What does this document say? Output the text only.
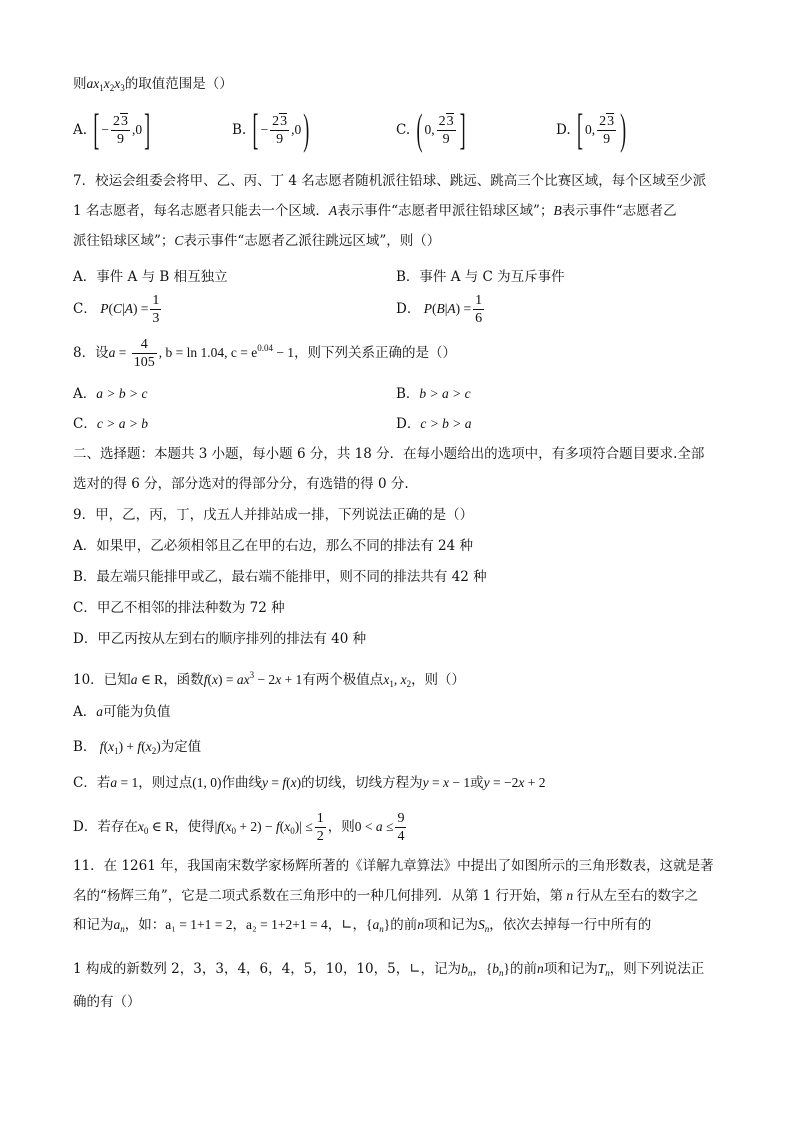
则$ax_1x_2x_3$的取值范围是（）
A. [ − $\frac{23}{9} ,0$ ]	B. [ − $\frac{23}{9} ,0$ )	C. ( 0, $\frac{23}{9}$ ]	D. [ 0, $\frac{23}{9}$ )
7．校运会组委会将甲、乙、丙、丁 4 名志愿者随机派往铅球、跳远、跳高三个比赛区域，每个区域至少派
1 名志愿者，每名志愿者只能去一个区域．A表示事件“志愿者甲派往铅球区域”；B表示事件“志愿者乙
派往铅球区域”；C表示事件“志愿者乙派往跳远区域”，则（）
A．事件 A 与 B 相互独立	B．事件 A 与 C 为互斥事件
C． $P(C|A) = \frac{1}{3}$	D． $P(B|A) = \frac{1}{6}$
8．设$a = \frac{4}{105}$ , b = ln 1.04, $c = e^{0.04} - 1$，则下列关系正确的是（）
A．a > b > c	B．b > a > c
C．c > a > b	D．c > b > a
二、选择题：本题共 3 小题，每小题 6 分，共 18 分．在每小题给出的选项中，有多项符合题目要求.全部
选对的得 6 分，部分选对的得部分分，有选错的得 0 分.
9．甲，乙，丙，丁，戊五人并排站成一排，下列说法正确的是（）
A．如果甲，乙必须相邻且乙在甲的右边，那么不同的排法有 24 种
B．最左端只能排甲或乙，最右端不能排甲，则不同的排法共有 42 种
C．甲乙不相邻的排法种数为 72 种
D．甲乙丙按从左到右的顺序排列的排法有 40 种
10．已知a ∈ R，函数$f(x) = ax^3 - 2x + 1$有两个极值点$x_1$, $x_2$，则（）
A．a可能为负值
B． $f(x_1) + f(x_2)$为定值
C．若a = 1，则过点(1, 0)作曲线y = f(x)的切线，切线方程为y = x − 1或y = −2x + 2
D．若存在$x_0$ ∈ R，使得$|f(x_0 + 2) - f(x_0)| \le \frac{1}{2}$ ，则$0 < a \le \frac{9}{4}$
11．在 1261 年，我国南宋数学家杨辉所著的《详解九章算法》中提出了如图所示的三角形数表，这就是著
名的“杨辉三角”，它是二项式系数在三角形中的一种几何排列．从第 1 行开始，第 n 行从左至右的数字之
和记为$a_n$，如：a₁ = 1+1 = 2，a₂ = 1+2+1 = 4，∟，$\{a_n\}$的前n项和记为$S_n$，依次去掉每一行中所有的
1 构成的新数列 2，3，3，4，6，4，5，10，10，5，∟，记为$b_n$，$\{b_n\}$的前n项和记为$T_n$，则下列说法正
确的有（）
